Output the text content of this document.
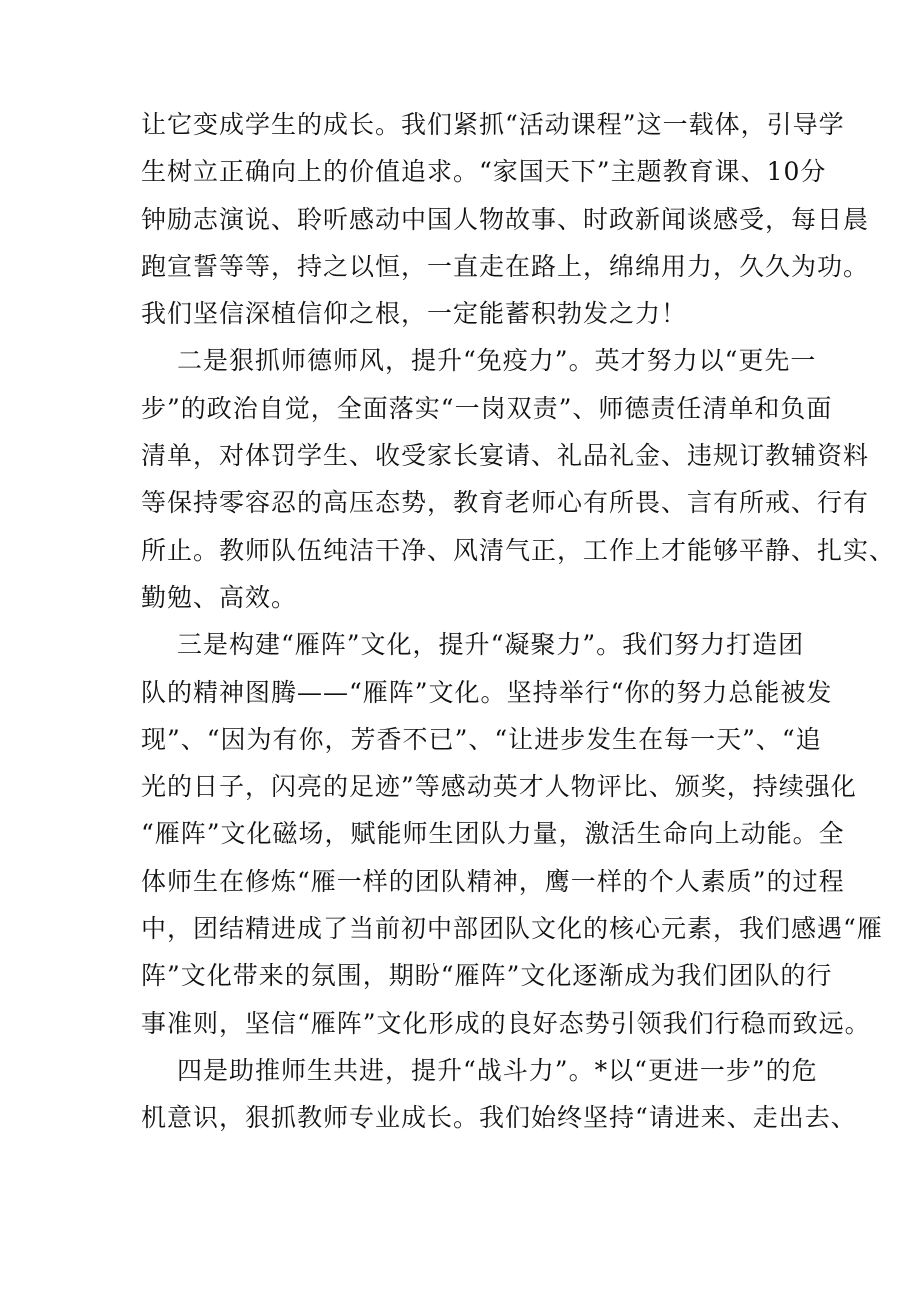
让它变成学生的成长。我们紧抓“活动课程”这一载体，引导学
生树立正确向上的价值追求。“家国天下”主题教育课、10分
钟励志演说、聆听感动中国人物故事、时政新闻谈感受，每日晨
跑宣誓等等，持之以恒，一直走在路上，绵绵用力，久久为功。
我们坚信深植信仰之根，一定能蓄积勃发之力！
二是狠抓师德师风，提升“免疫力”。英才努力以“更先一
步”的政治自觉，全面落实“一岗双责”、师德责任清单和负面
清单，对体罚学生、收受家长宴请、礼品礼金、违规订教辅资料
等保持零容忍的高压态势，教育老师心有所畏、言有所戒、行有
所止。教师队伍纯洁干净、风清气正，工作上才能够平静、扎实、
勤勉、高效。
三是构建“雁阵”文化，提升“凝聚力”。我们努力打造团
队的精神图腾——“雁阵”文化。坚持举行“你的努力总能被发
现”、“因为有你，芳香不已”、“让进步发生在每一天”、“追
光的日子，闪亮的足迹”等感动英才人物评比、颁奖，持续强化
“雁阵”文化磁场，赋能师生团队力量，激活生命向上动能。全
体师生在修炼“雁一样的团队精神，鹰一样的个人素质”的过程
中，团结精进成了当前初中部团队文化的核心元素，我们感遇“雁
阵”文化带来的氛围，期盼“雁阵”文化逐渐成为我们团队的行
事准则，坚信“雁阵”文化形成的良好态势引领我们行稳而致远。
四是助推师生共进，提升“战斗力”。*以“更进一步”的危
机意识，狠抓教师专业成长。我们始终坚持“请进来、走出去、
